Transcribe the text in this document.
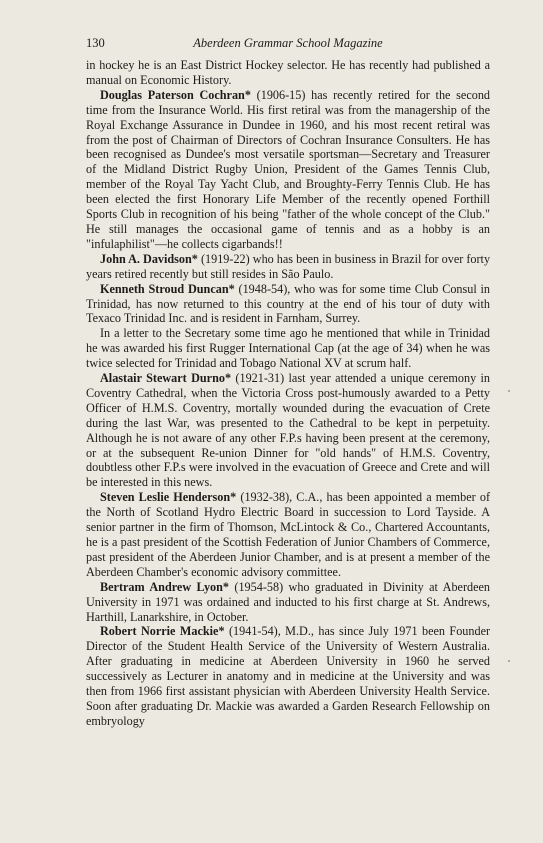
130	Aberdeen Grammar School Magazine

in hockey he is an East District Hockey selector. He has recently had published a manual on Economic History.

Douglas Paterson Cochran* (1906-15) has recently retired for the second time from the Insurance World. His first retiral was from the managership of the Royal Exchange Assurance in Dundee in 1960, and his most recent retiral was from the post of Chairman of Directors of Cochran Insurance Consulters. He has been recognised as Dundee's most versatile sportsman—Secretary and Treasurer of the Midland District Rugby Union, President of the Games Tennis Club, member of the Royal Tay Yacht Club, and Broughty-Ferry Tennis Club. He has been elected the first Honorary Life Member of the recently opened Forthill Sports Club in recognition of his being "father of the whole concept of the Club." He still manages the occasional game of tennis and as a hobby is an "infulaphilist"—he collects cigarbands!!

John A. Davidson* (1919-22) who has been in business in Brazil for over forty years retired recently but still resides in São Paulo.

Kenneth Stroud Duncan* (1948-54), who was for some time Club Consul in Trinidad, has now returned to this country at the end of his tour of duty with Texaco Trinidad Inc. and is resident in Farnham, Surrey.

In a letter to the Secretary some time ago he mentioned that while in Trinidad he was awarded his first Rugger International Cap (at the age of 34) when he was twice selected for Trinidad and Tobago National XV at scrum half.

Alastair Stewart Durno* (1921-31) last year attended a unique ceremony in Coventry Cathedral, when the Victoria Cross post-humously awarded to a Petty Officer of H.M.S. Coventry, mortally wounded during the evacuation of Crete during the last War, was presented to the Cathedral to be kept in perpetuity. Although he is not aware of any other F.P.s having been present at the ceremony, or at the subsequent Re-union Dinner for "old hands" of H.M.S. Coventry, doubtless other F.P.s were involved in the evacuation of Greece and Crete and will be interested in this news.

Steven Leslie Henderson* (1932-38), C.A., has been appointed a member of the North of Scotland Hydro Electric Board in succession to Lord Tayside. A senior partner in the firm of Thomson, McLintock & Co., Chartered Accountants, he is a past president of the Scottish Federation of Junior Chambers of Commerce, past president of the Aberdeen Junior Chamber, and is at present a member of the Aberdeen Chamber's economic advisory committee.

Bertram Andrew Lyon* (1954-58) who graduated in Divinity at Aberdeen University in 1971 was ordained and inducted to his first charge at St. Andrews, Harthill, Lanarkshire, in October.

Robert Norrie Mackie* (1941-54), M.D., has since July 1971 been Founder Director of the Student Health Service of the University of Western Australia. After graduating in medicine at Aberdeen University in 1960 he served successively as Lecturer in anatomy and in medicine at the University and was then from 1966 first assistant physician with Aberdeen University Health Service. Soon after graduating Dr. Mackie was awarded a Garden Research Fellowship on embryology
